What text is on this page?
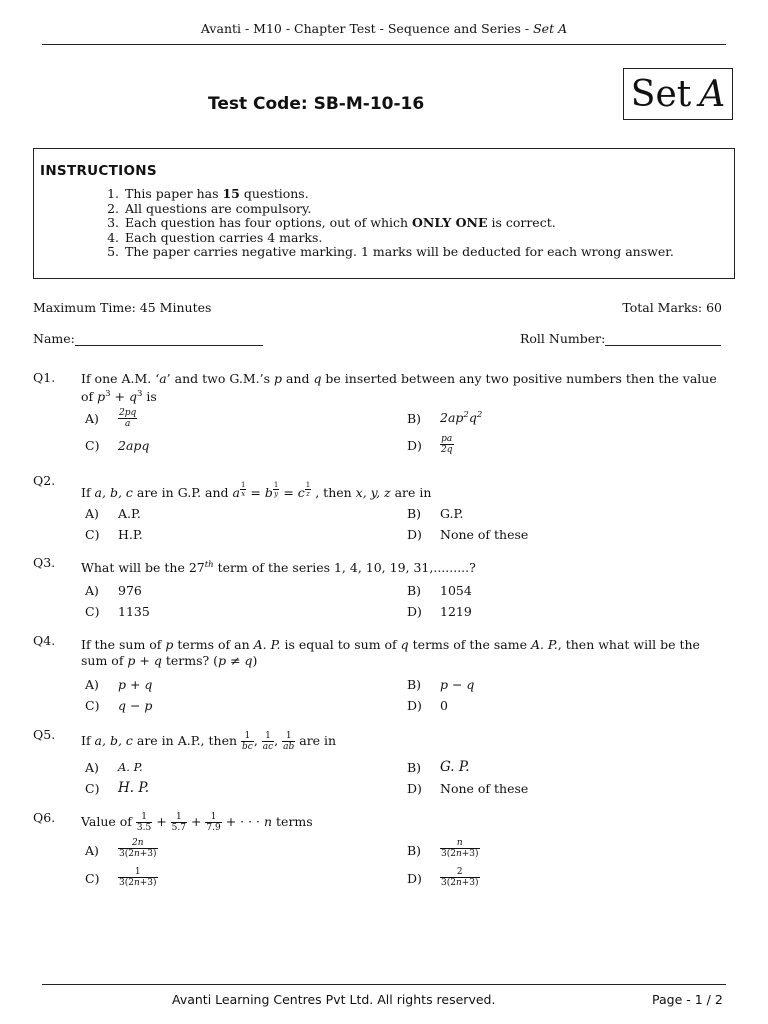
Avanti - M10 - Chapter Test - Sequence and Series - Set A
Set A
Test Code: SB-M-10-16
INSTRUCTIONS
1. This paper has 15 questions.
2. All questions are compulsory.
3. Each question has four options, out of which ONLY ONE is correct.
4. Each question carries 4 marks.
5. The paper carries negative marking. 1 marks will be deducted for each wrong answer.
Maximum Time: 45 Minutes	Total Marks: 60
Name:	Roll Number:
Q1. If one A.M. ‘a’ and two G.M.’s p and q be inserted between any two positive numbers then the value of $p^3 + q^3$ is
$A) \frac{2pq}{a}$	B) $2ap^2q^2$
C) 2apq	$D) \frac{pa}{2q}$
Q2.
If a, b, c are in G.P. and a $^{\frac{1}{x}}$ = b $^{\frac{1}{y}}$ = c $^{\frac{1}{z}}$ , then x, y, z are in
A) A.P.	B) G.P.
C) H.P.	D) None of these
Q3. What will be the 27th term of the series 1, 4, 10, 19, 31,.........?
A) 976	B) 1054
C) 1135	D) 1219
Q4. If the sum of p terms of an A. P. is equal to sum of q terms of the same A. P., then what will be the sum of p + q terms? (p ≠ q)
A) p + q	B) p − q
C) q − p	D) 0
Q5. If a, b, c are in A.P., then $\frac{1}{bc}$ , $\frac{1}{ac}$ , $\frac{1}{ab}$ are in
A) A. P.	B) G. P.
C) H. P.	D) None of these
Q6. Value of $\frac{1}{3.5} + \frac{1}{5.7} + \frac{1}{7.9}$ + · · · n terms
$A) \frac{2n}{3(2n+3)}$	$B) \frac{n}{3(2n+3)}$
$C) \frac{1}{3(2n+3)}$	$D) \frac{2}{3(2n+3)}$
Avanti Learning Centres Pvt Ltd. All rights reserved.	Page - 1 / 2
